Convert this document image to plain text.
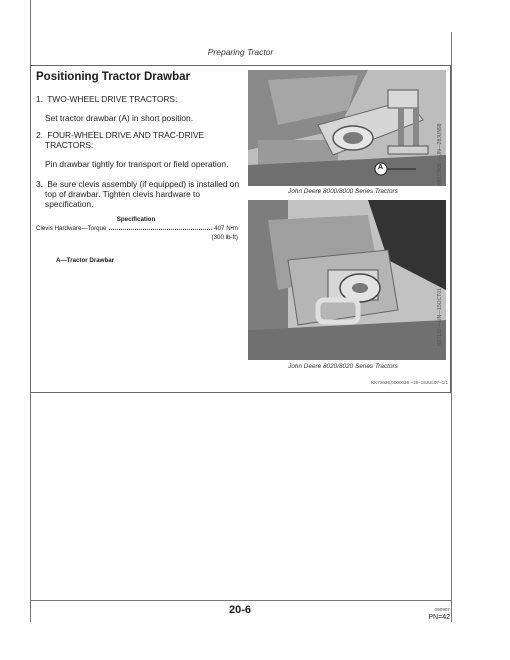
Preparing Tractor
Positioning Tractor Drawbar
1. TWO-WHEEL DRIVE TRACTORS:
Set tractor drawbar (A) in short position.
2. FOUR-WHEEL DRIVE AND TRAC-DRIVE
TRACTORS:
Pin drawbar tightly for transport or field operation.
3. Be sure clevis assembly (if equipped) is installed on
top of drawbar. Tighten clevis hardware to
specification.
Specification
Clevis Hardware—Torque	407 N•m
(300 lb-ft)
A—Tractor Drawbar
A	N9923006 —UN—28JUN98
John Deere 8000/8000 Series Tractors
N32133 —UN—15OCT01
John Deere 8020/8020 Series Tractors
KK73636,0000036 –19–16JUL07–1/1
20-6	090907
PN=42
